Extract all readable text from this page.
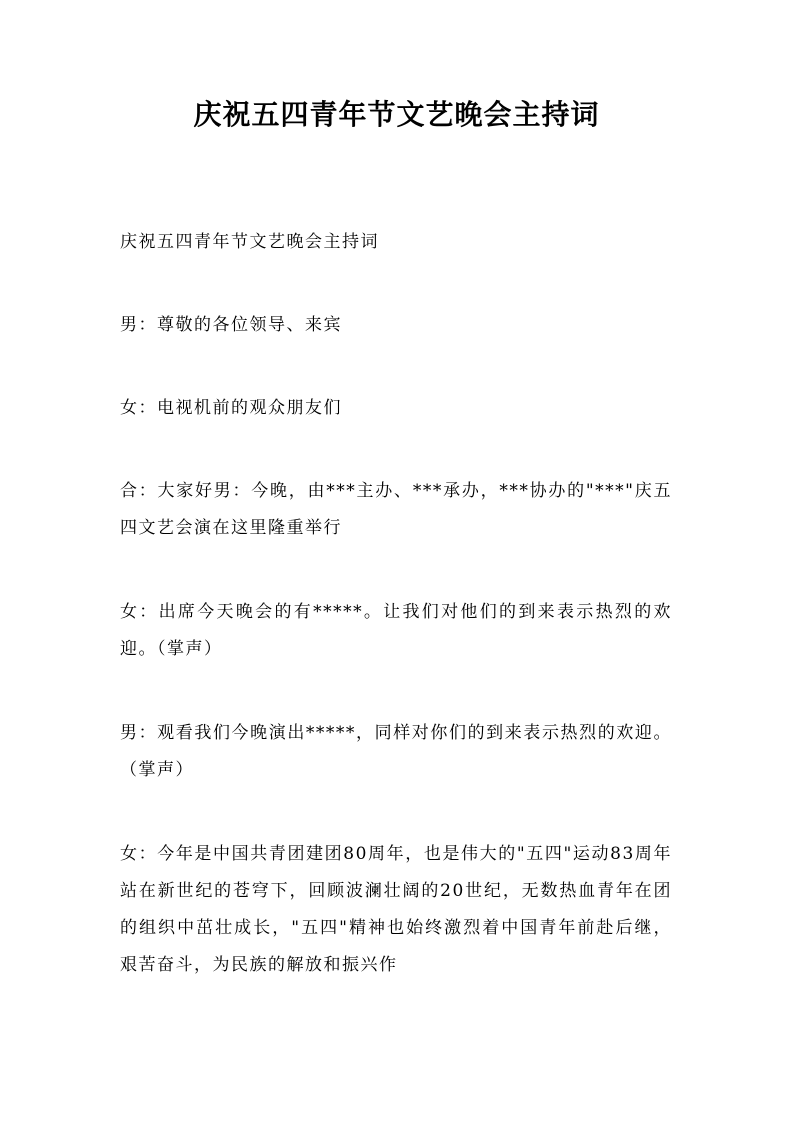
庆祝五四青年节文艺晚会主持词

庆祝五四青年节文艺晚会主持词

男：尊敬的各位领导、来宾

女：电视机前的观众朋友们

合：大家好男：今晚，由***主办、***承办，***协办的"***"庆五四文艺会演在这里隆重举行

女：出席今天晚会的有*****。让我们对他们的到来表示热烈的欢迎。（掌声）

男：观看我们今晚演出*****，同样对你们的到来表示热烈的欢迎。（掌声）

女：今年是中国共青团建团80周年，也是伟大的"五四"运动83周年站在新世纪的苍穹下，回顾波澜壮阔的20世纪，无数热血青年在团的组织中茁壮成长，"五四"精神也始终激烈着中国青年前赴后继，艰苦奋斗，为民族的解放和振兴作
